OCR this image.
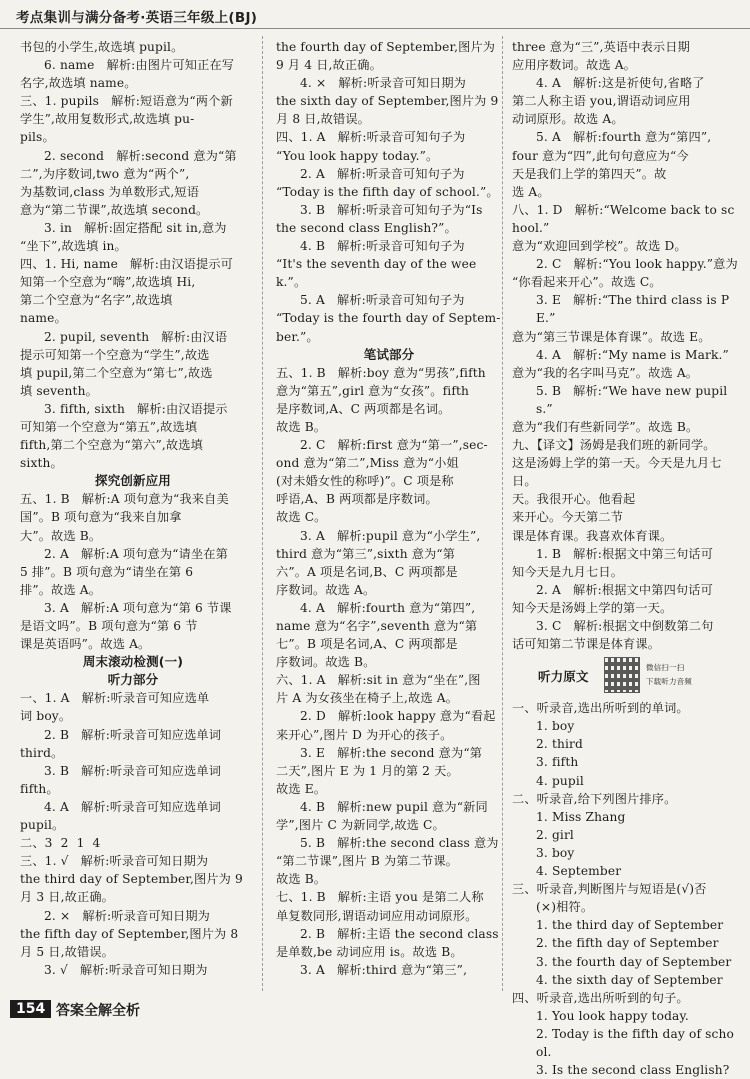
考点集训与满分备考·英语三年级上(BJ)

书包的小学生,故选填 pupil。

6. name   解析:由图片可知正在写

名字,故选填 name。

三、1. pupils   解析:短语意为“两个新

学生”,故用复数形式,故选填 pu-

pils。

2. second   解析:second 意为“第

二”,为序数词,two 意为“两个”,

为基数词,class 为单数形式,短语

意为“第二节课”,故选填 second。

3. in   解析:固定搭配 sit in,意为

“坐下”,故选填 in。

四、1. Hi, name   解析:由汉语提示可

知第一个空意为“嗨”,故选填 Hi,

第二个空意为“名字”,故选填

name。

2. pupil, seventh   解析:由汉语

提示可知第一个空意为“学生”,故选

填 pupil,第二个空意为“第七”,故选

填 seventh。

3. fifth, sixth   解析:由汉语提示

可知第一个空意为“第五”,故选填

fifth,第二个空意为“第六”,故选填

sixth。

探究创新应用

五、1. B   解析:A 项句意为“我来自美

国”。B 项句意为“我来自加拿

大”。故选 B。

2. A   解析:A 项句意为“请坐在第

5 排”。B 项句意为“请坐在第 6

排”。故选 A。

3. A   解析:A 项句意为“第 6 节课

是语文吗”。B 项句意为“第 6 节

课是英语吗”。故选 A。

周末滚动检测(一)

听力部分

一、1. A   解析:听录音可知应选单

词 boy。

2. B   解析:听录音可知应选单词

third。

3. B   解析:听录音可知应选单词

fifth。

4. A   解析:听录音可知应选单词

pupil。

二、3  2  1  4

三、1. √   解析:听录音可知日期为

the third day of September,图片为 9

月 3 日,故正确。

2. ×   解析:听录音可知日期为

the fifth day of September,图片为 8

月 5 日,故错误。

3. √   解析:听录音可知日期为

the fourth day of September,图片为

9 月 4 日,故正确。

4. ×   解析:听录音可知日期为

the sixth day of September,图片为 9

月 8 日,故错误。

四、1. A   解析:听录音可知句子为

“You look happy today.”。

2. A   解析:听录音可知句子为

“Today is the fifth day of school.”。

3. B   解析:听录音可知句子为“Is

the second class English?”。

4. B   解析:听录音可知句子为

“It's the seventh day of the week.”。

5. A   解析:听录音可知句子为

“Today is the fourth day of Septem-

ber.”。

笔试部分

五、1. B   解析:boy 意为“男孩”,fifth

意为“第五”,girl 意为“女孩”。fifth

是序数词,A、C 两项都是名词。

故选 B。

2. C   解析:first 意为“第一”,sec-

ond 意为“第二”,Miss 意为“小姐

(对未婚女性的称呼)”。C 项是称

呼语,A、B 两项都是序数词。

故选 C。

3. A   解析:pupil 意为“小学生”,

third 意为“第三”,sixth 意为“第

六”。A 项是名词,B、C 两项都是

序数词。故选 A。

4. A   解析:fourth 意为“第四”,

name 意为“名字”,seventh 意为“第

七”。B 项是名词,A、C 两项都是

序数词。故选 B。

六、1. A   解析:sit in 意为“坐在”,图

片 A 为女孩坐在椅子上,故选 A。

2. D   解析:look happy 意为“看起

来开心”,图片 D 为开心的孩子。

3. E   解析:the second 意为“第

二天”,图片 E 为 1 月的第 2 天。

故选 E。

4. B   解析:new pupil 意为“新同

学”,图片 C 为新同学,故选 C。

5. B   解析:the second class 意为

“第二节课”,图片 B 为第二节课。

故选 B。

七、1. B   解析:主语 you 是第二人称

单复数同形,谓语动词应用动词原形。

2. B   解析:主语 the second class

是单数,be 动词应用 is。故选 B。

3. A   解析:third 意为“第三”,

three 意为“三”,英语中表示日期

应用序数词。故选 A。

4. A   解析:这是祈使句,省略了

第二人称主语 you,谓语动词应用

动词原形。故选 A。

5. A   解析:fourth 意为“第四”,

four 意为“四”,此句句意应为“今

天是我们上学的第四天”。故

选 A。

八、1. D   解析:“Welcome back to school.”

意为“欢迎回到学校”。故选 D。

2. C   解析:“You look happy.”意为

“你看起来开心”。故选 C。

3. E   解析:“The third class is PE.”

意为“第三节课是体育课”。故选 E。

4. A   解析:“My name is Mark.”

意为“我的名字叫马克”。故选 A。

5. B   解析:“We have new pupils.”

意为“我们有些新同学”。故选 B。

九、【译文】汤姆是我们班的新同学。

这是汤姆上学的第一天。今天是九月七日。

天。我很开心。他看起

来开心。今天第二节

课是体育课。我喜欢体育课。

1. B   解析:根据文中第三句话可

知今天是九月七日。

2. A   解析:根据文中第四句话可

知今天是汤姆上学的第一天。

3. C   解析:根据文中倒数第二句

话可知第二节课是体育课。

听力原文
微信扫一扫
下载听力音频

一、听录音,选出所听到的单词。

1. boy

2. third

3. fifth

4. pupil

二、听录音,给下列图片排序。

1. Miss Zhang

2. girl

3. boy

4. September

三、听录音,判断图片与短语是(√)否

(×)相符。

1. the third day of September

2. the fifth day of September

3. the fourth day of September

4. the sixth day of September

四、听录音,选出所听到的句子。

1. You look happy today.

2. Today is the fifth day of school.

3. Is the second class English?

154 答案全解全析
